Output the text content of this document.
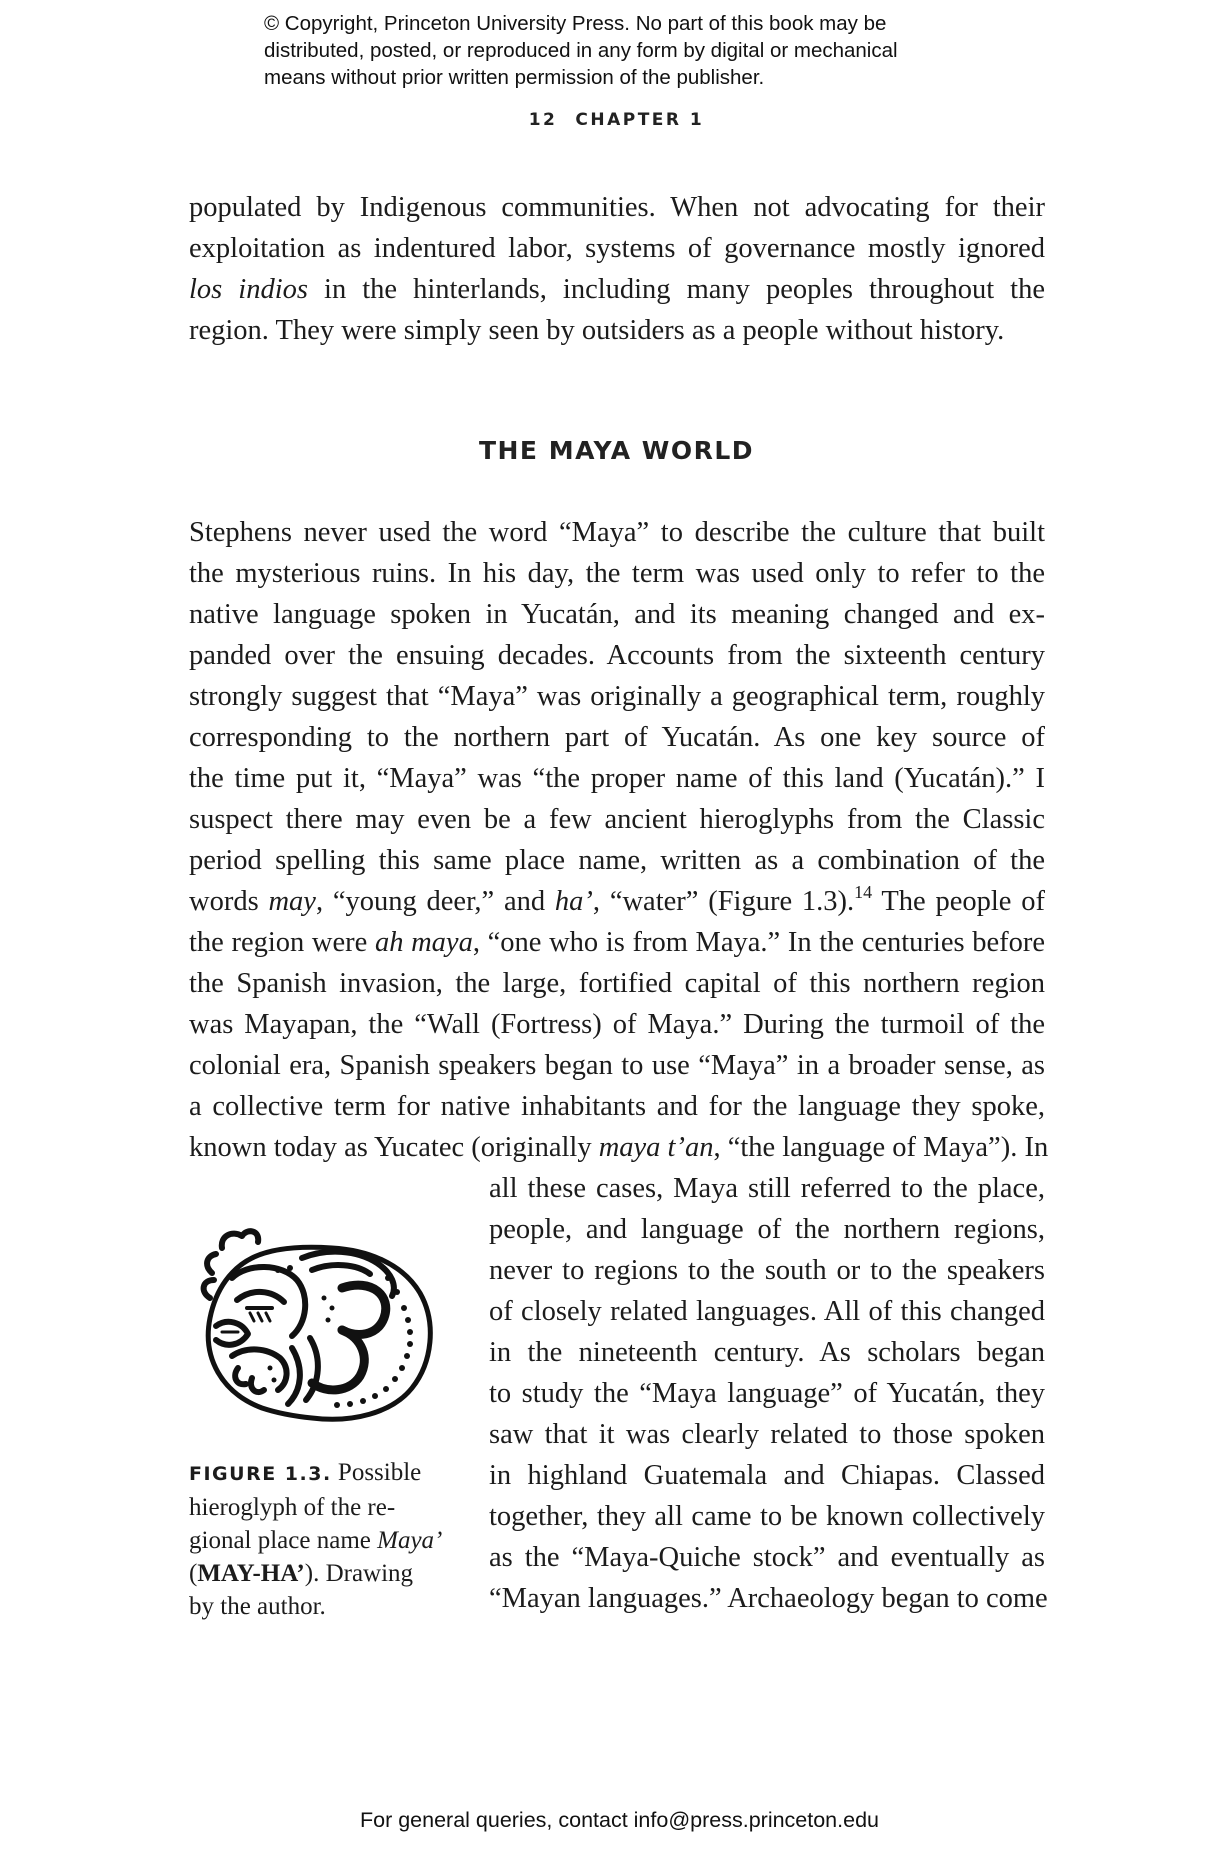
© Copyright, Princeton University Press. No part of this book may be
distributed, posted, or reproduced in any form by digital or mechanical
means without prior written permission of the publisher.
12 CHAPTER 1
populated by Indigenous communities. When not advocating for their
exploitation as indentured labor, systems of governance mostly ignored
los indios in the hinterlands, including many peoples throughout the
region. They were simply seen by outsiders as a people without history.
THE MAYA WORLD
Stephens never used the word “Maya” to describe the culture that built
the mysterious ruins. In his day, the term was used only to refer to the
native language spoken in Yucatán, and its meaning changed and ex-
panded over the ensuing decades. Accounts from the sixteenth century
strongly suggest that “Maya” was originally a geographical term, roughly
corresponding to the northern part of Yucatán. As one key source of
the time put it, “Maya” was “the proper name of this land (Yucatán).” I
suspect there may even be a few ancient hieroglyphs from the Classic
period spelling this same place name, written as a combination of the
words may, “young deer,” and ha’, “water” (Figure 1.3).$^{14}$ The people of
the region were ah maya, “one who is from Maya.” In the centuries before
the Spanish invasion, the large, fortified capital of this northern region
was Mayapan, the “Wall (Fortress) of Maya.” During the turmoil of the
colonial era, Spanish speakers began to use “Maya” in a broader sense, as
a collective term for native inhabitants and for the language they spoke,
known today as Yucatec (originally maya t’an, “the language of Maya”). In
all these cases, Maya still referred to the place,
people, and language of the northern regions,
never to regions to the south or to the speakers
of closely related languages. All of this changed
in the nineteenth century. As scholars began
to study the “Maya language” of Yucatán, they
saw that it was clearly related to those spoken
in highland Guatemala and Chiapas. Classed
together, they all came to be known collectively
as the “Maya-Quiche stock” and eventually as
“Mayan languages.” Archaeology began to come
FIGURE 1.3. Possible
hieroglyph of the re-
gional place name Maya’
(MAY-HA’). Drawing
by the author.
For general queries, contact info@press.princeton.edu
